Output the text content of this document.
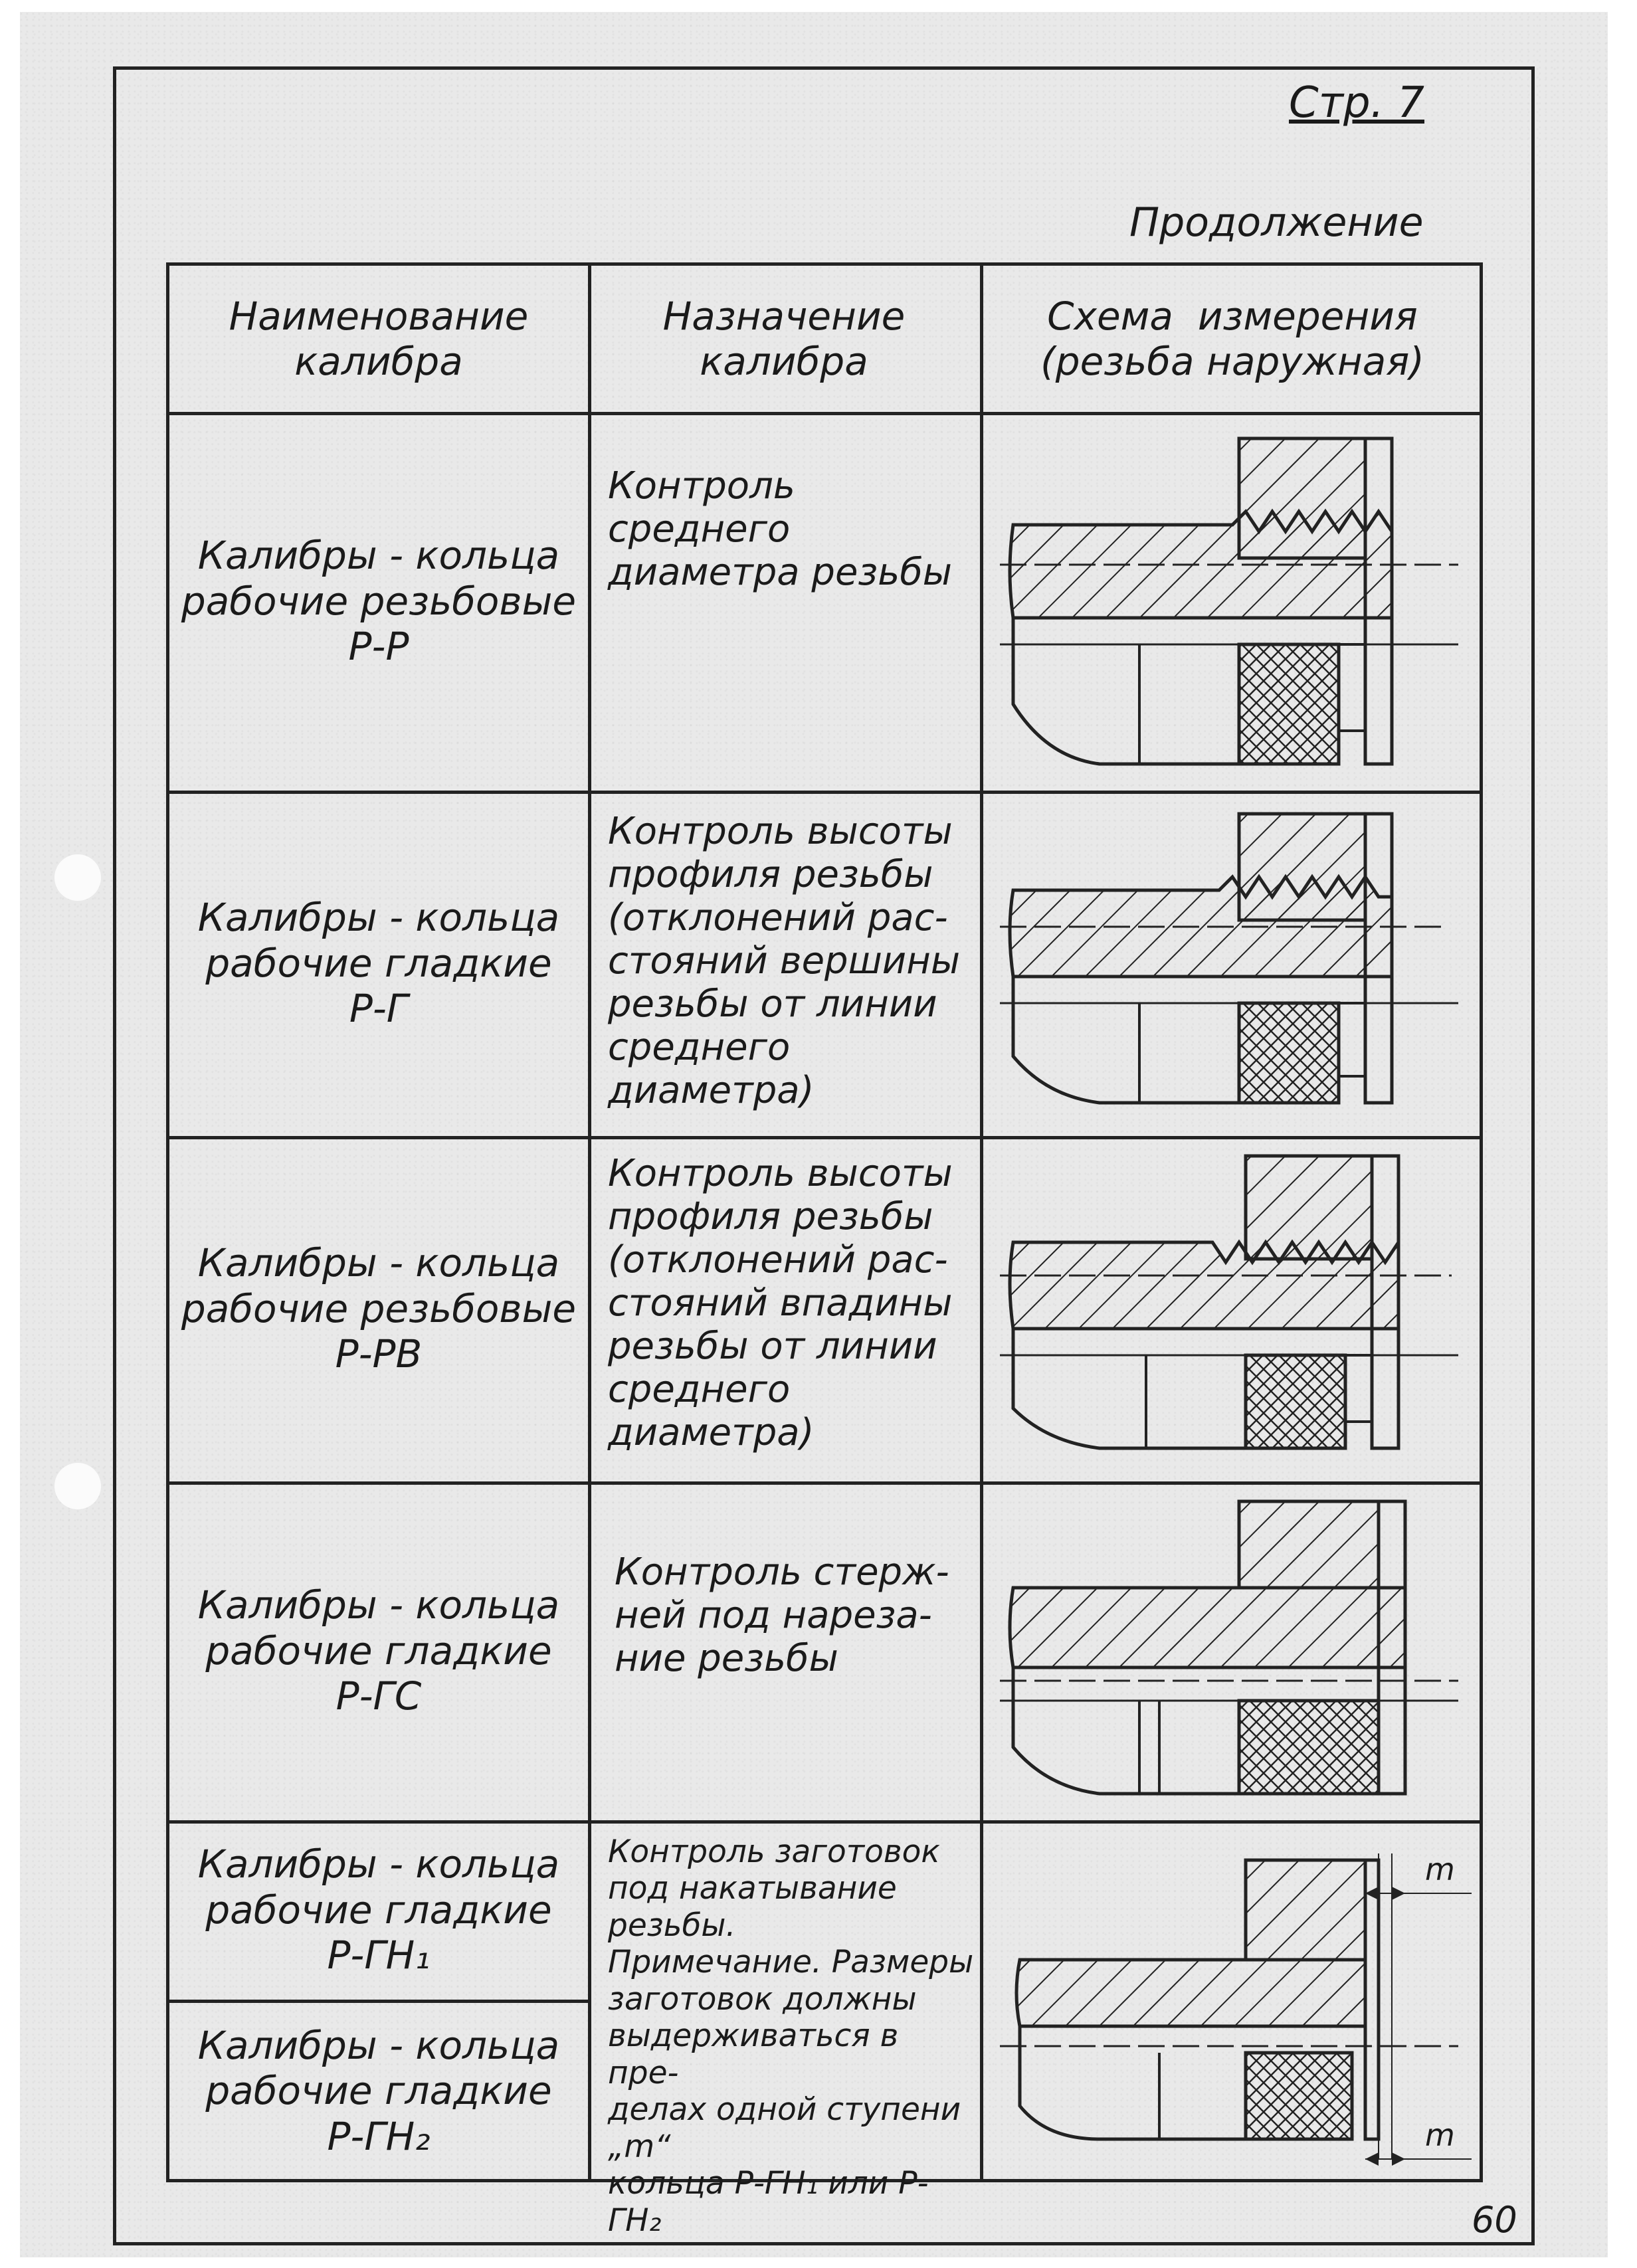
Стр. 7
Продолжение
60
Наименование
калибра
Назначение
калибра
Схема  измерения
(резьба наружная)
Калибры - кольца
рабочие резьбовые
Р-Р
Контроль среднего
диаметра резьбы
Калибры - кольца
рабочие гладкие
Р-Г
Контроль высоты
профиля резьбы
(отклонений рас-
стояний вершины
резьбы от линии
среднего диаметра)
Калибры - кольца
рабочие резьбовые
Р-РВ
Контроль высоты
профиля резьбы
(отклонений рас-
стояний впадины
резьбы от линии
среднего диаметра)
Калибры - кольца
рабочие гладкие
Р-ГС
Контроль стерж-
ней под нареза-
ние резьбы
Калибры - кольца
рабочие гладкие
Р-ГН₁
Калибры - кольца
рабочие гладкие
Р-ГН₂
Контроль заготовок
под накатывание
резьбы.
Примечание. Размеры
заготовок должны
выдерживаться в пре-
делах одной ступени „m“
кольца Р-ГН₁ или Р-ГН₂
m
m
